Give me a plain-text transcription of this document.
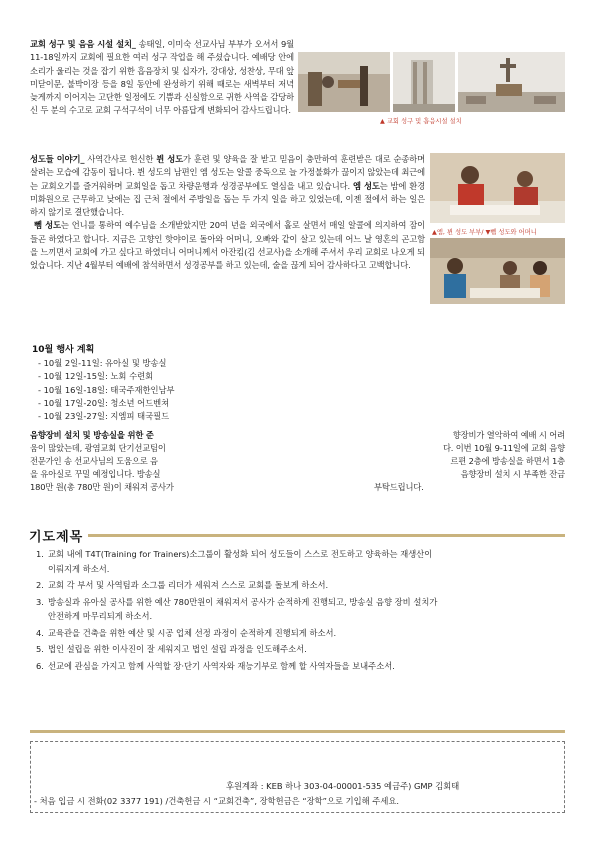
교회 성구 및 음음 시설 설치_ 송태일, 이미숙 선교사님 부부가 오셔서 9월 11-18일까지 교회에 필요한 여러 성구 작업을 해 주셨습니다. 예배당 안에 소리가 울리는 것을 잡기 위한 흡음장치 및 십자가, 강대상, 성찬상, 무대 앞 미닫이문, 불박이장 등을 8일 동안에 완성하기 위해 때로는 새벽부터 저녁 늦게까지 이어지는 고단한 일정에도 기쁨과 신실함으로 귀한 사역을 감당하신 두 분의 수고로 교회 구석구석이 너무 아름답게 변화되어 감사드립니다.

▲ 교회 성구 및 흡음시설 설치

성도들 이야기_ 사역간사로 헌신한 뷘 성도가 훈련 및 양육을 잘 받고 믿음이 충만하여 훈련받은 대로 순종하며 살려는 모습에 감동이 됩니다. 뷘 성도의 남편인 엠 성도는 알콜 중독으로 늘 가정불화가 끊이지 않았는데 최근에는 교회오기를 즐거워하며 교회일을 돕고 차량운행과 성경공부에도 열심을 내고 있습니다. 엠 성도는 밤에 환경미화원으로 근무하고 낮에는 집 근처 절에서 주방일을 돕는 두 가지 일을 하고 있었는데, 이젠 절에서 하는 일은 하지 않기로 결단했습니다.

뻼 성도는 언니를 통하여 예수님을 소개받았지만 20여 년을 외국에서 홀로 살면서 매일 알콜에 의지하여 잠이 들곤 하였다고 합니다. 지금은 고향인 핫야이로 돌아와 어머니, 오빠와 같이 살고 있는데 어느 날 영혼의 곤고함을 느끼면서 교회에 가고 싶다고 하였더니 어머니께서 아잔킴(김 선교사)을 소개해 주셔서 우리 교회로 나오게 되었습니다. 지난 4월부터 예배에 참석하면서 성경공부를 하고 있는데, 술을 끊게 되어 감사하다고 고백합니다.

▲엠, 뷘 성도 부부/ ▼뻼 성도와 어머니
10월 행사 계획
- 10월 2일-11일: 유아실 및 방송실
- 10월 12일-15일: 노회 수련회
- 10월 16일-18일: 태국주재한인남부
- 10월 17일-20일: 청소년 어드벤쳐
- 10월 23일-27일: 지엠피 태국필드
음향장비 설치 및 방송실을 위한 준	향장비가 열악하여 예배 시 어려
움이 많았는데, 광염교회 단기선교팀이	다. 이번 10월 9-11일에 교회 음향
전문가인 송 선교사님의 도움으로 음	르편 2층에 방송실을 하면서 1층
을 유아실로 꾸밀 예정입니다. 방송실	음향장비 설치 시 부족한 잔금
180만 원(총 780만 원)이 채워져 공사가	부탁드립니다.
기도제목
1. 교회 내에 T4T(Training for Trainers)소그룹이 활성화 되어 성도들이 스스로 전도하고 양육하는 재생산이
이뤄지게 하소서.
2. 교회 각 부서 및 사역팀과 소그룹 리더가 세워져 스스로 교회를 돌보게 하소서.
3. 방송실과 유아실 공사를 위한 예산 780만원이 채워져서 공사가 순적하게 진행되고, 방송실 음향 장비 설치가
안전하게 마무리되게 하소서.
4. 교육관을 건축을 위한 예산 및 시공 업체 선정 과정이 순적하게 진행되게 하소서.
5. 법인 설립을 위한 이사진이 잘 세워지고 법인 설립 과정을 인도해주소서.
6. 선교에 관심을 가지고 함께 사역할 장·단기 사역자와 재능기부로 함께 할 사역자들을 보내주소서.
후원계좌 : KEB 하나 303-04-00001-535 예금주) GMP 김회태
- 처음 입금 시 전화(02 3377 191) /건축헌금 시 “교회건축”, 장학헌금은 “장학”으로 기입해 주세요.
